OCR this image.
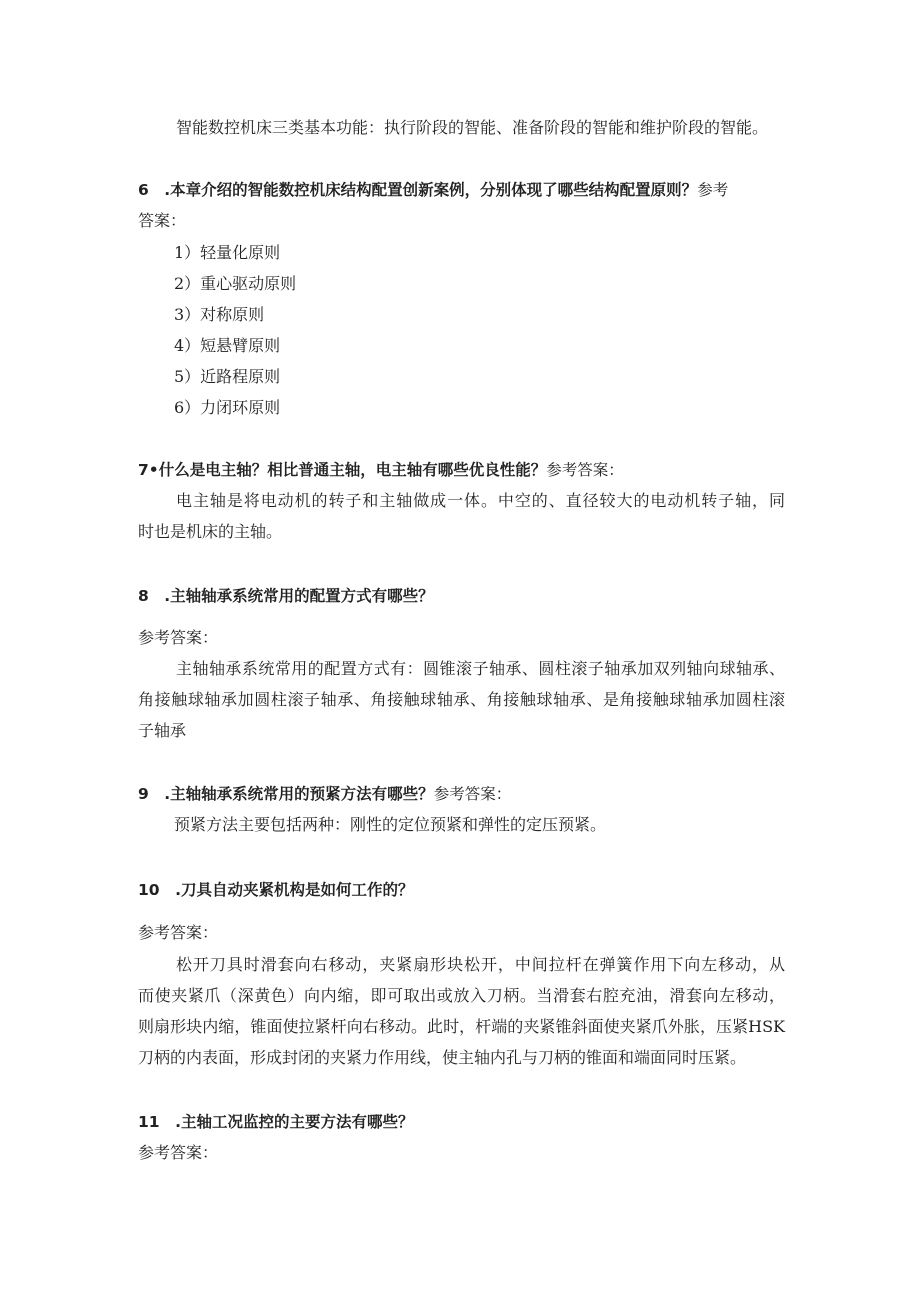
智能数控机床三类基本功能：执行阶段的智能、准备阶段的智能和维护阶段的智能。
6　.本章介绍的智能数控机床结构配置创新案例，分别体现了哪些结构配置原则？参考
答案：
1）轻量化原则
2）重心驱动原则
3）对称原则
4）短悬臂原则
5）近路程原则
6）力闭环原则
7•什么是电主轴？相比普通主轴，电主轴有哪些优良性能？参考答案：
电主轴是将电动机的转子和主轴做成一体。中空的、直径较大的电动机转子轴，同
时也是机床的主轴。
8　.主轴轴承系统常用的配置方式有哪些？
参考答案：
主轴轴承系统常用的配置方式有：圆锥滚子轴承、圆柱滚子轴承加双列轴向球轴承、
角接触球轴承加圆柱滚子轴承、角接触球轴承、角接触球轴承、是角接触球轴承加圆柱滚
子轴承
9　.主轴轴承系统常用的预紧方法有哪些？参考答案：
预紧方法主要包括两种：刚性的定位预紧和弹性的定压预紧。
10　.刀具自动夹紧机构是如何工作的？
参考答案：
松开刀具时滑套向右移动，夹紧扇形块松开，中间拉杆在弹簧作用下向左移动，从
而使夹紧爪（深黄色）向内缩，即可取出或放入刀柄。当滑套右腔充油，滑套向左移动，
则扇形块内缩，锥面使拉紧杆向右移动。此时，杆端的夹紧锥斜面使夹紧爪外胀，压紧HSK
刀柄的内表面，形成封闭的夹紧力作用线，使主轴内孔与刀柄的锥面和端面同时压紧。
11　.主轴工况监控的主要方法有哪些？
参考答案：
